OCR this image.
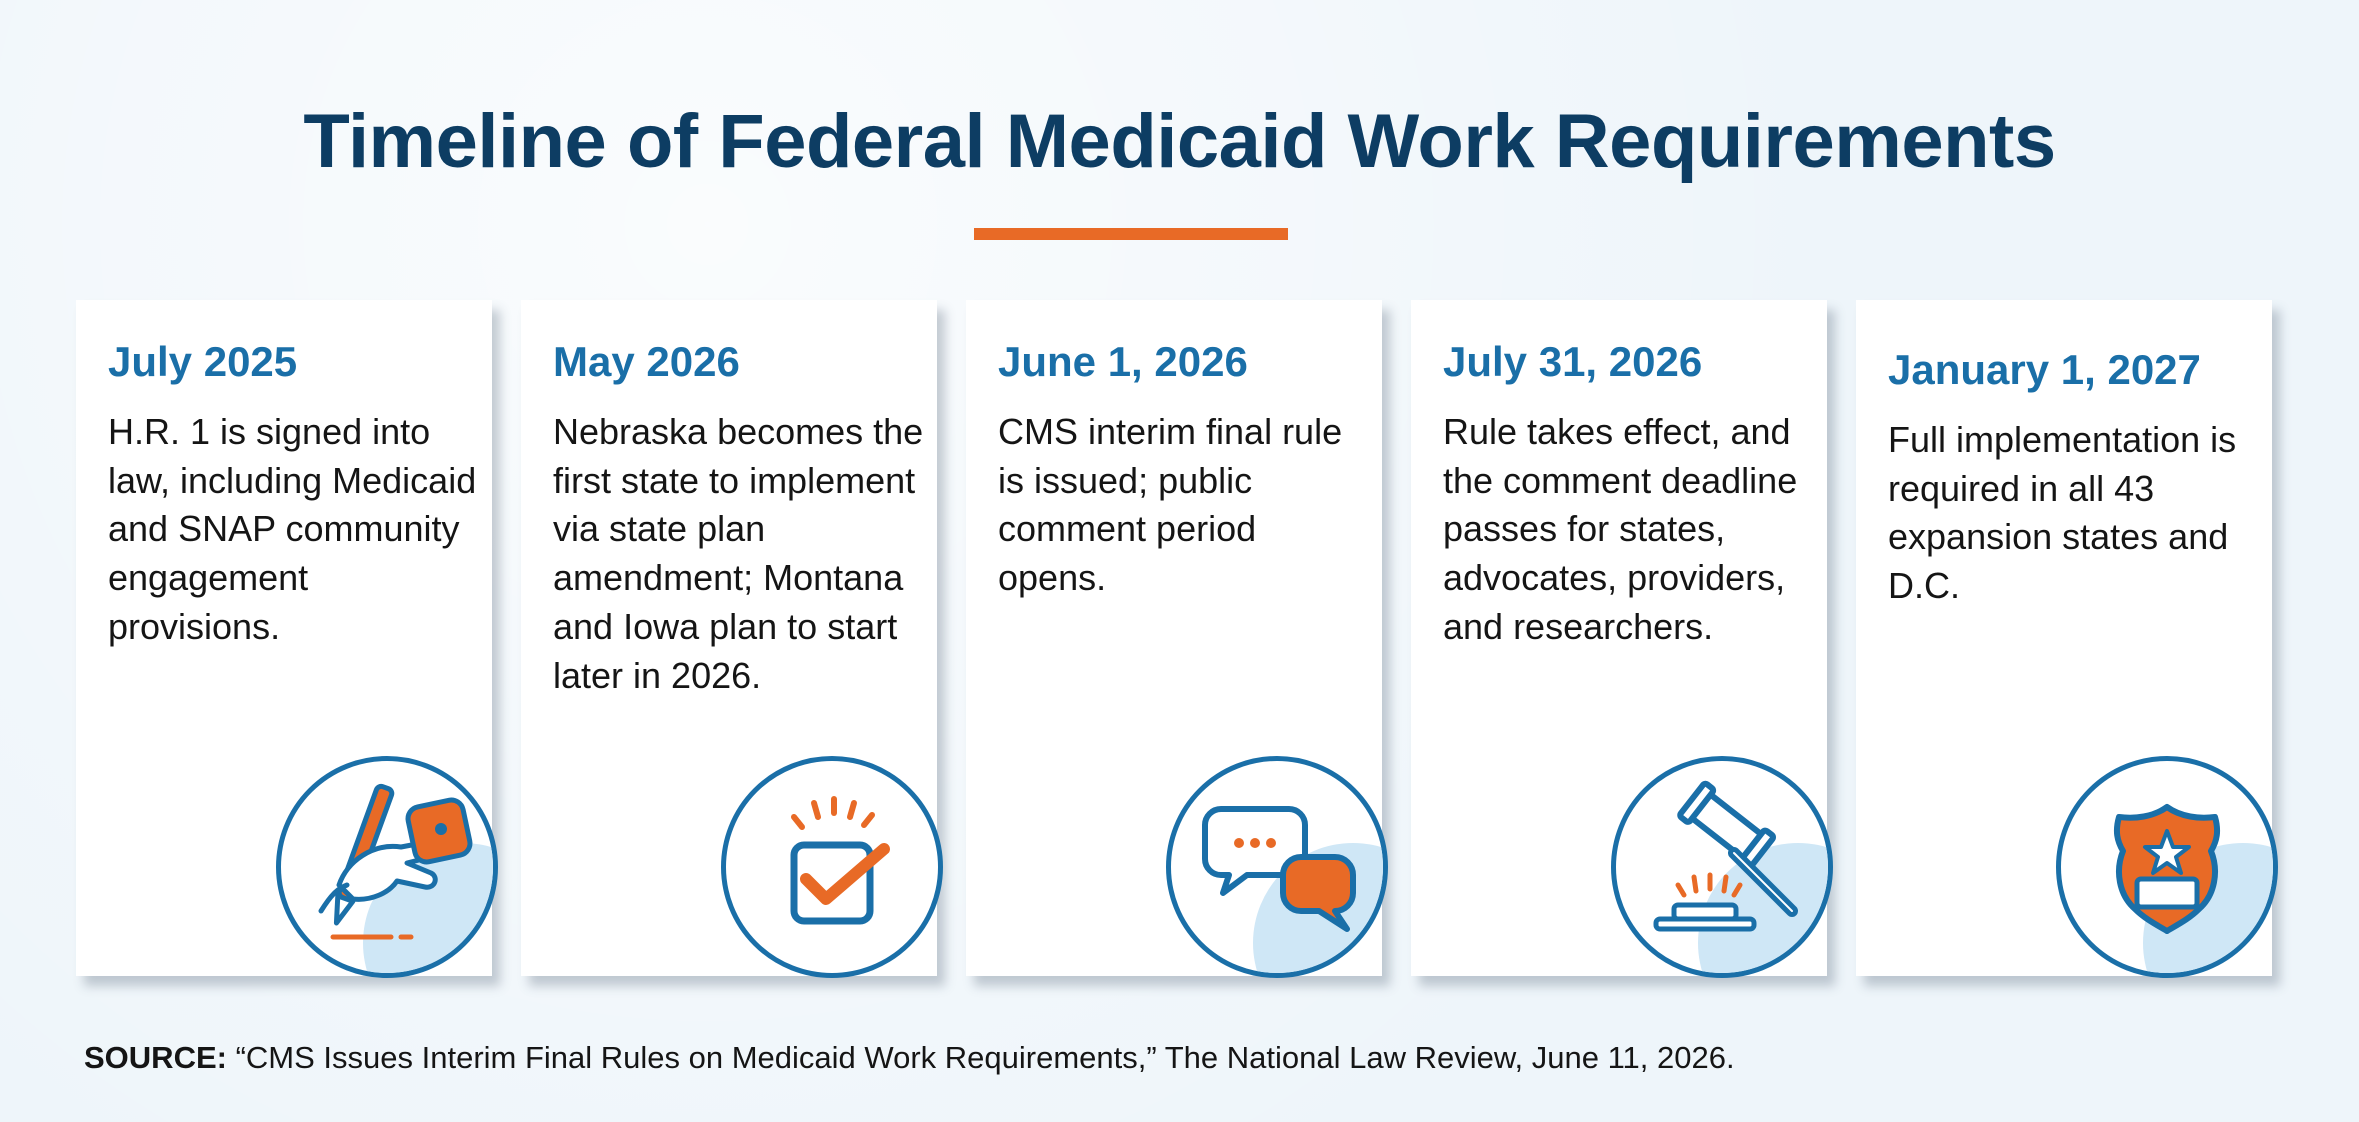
Timeline of Federal Medicaid Work Requirements
July 2025
H.R. 1 is signed into law, including Medicaid and SNAP community engagement provisions.
May 2026
Nebraska becomes the first state to implement via state plan amendment; Montana and Iowa plan to start later in 2026.
June 1, 2026
CMS interim final rule is issued; public comment period opens.
July 31, 2026
Rule takes effect, and the comment deadline passes for states, advocates, providers, and researchers.
January 1, 2027
Full implementation is required in all 43 expansion states and D.C.
SOURCE: “CMS Issues Interim Final Rules on Medicaid Work Requirements,” The National Law Review, June 11, 2026.
